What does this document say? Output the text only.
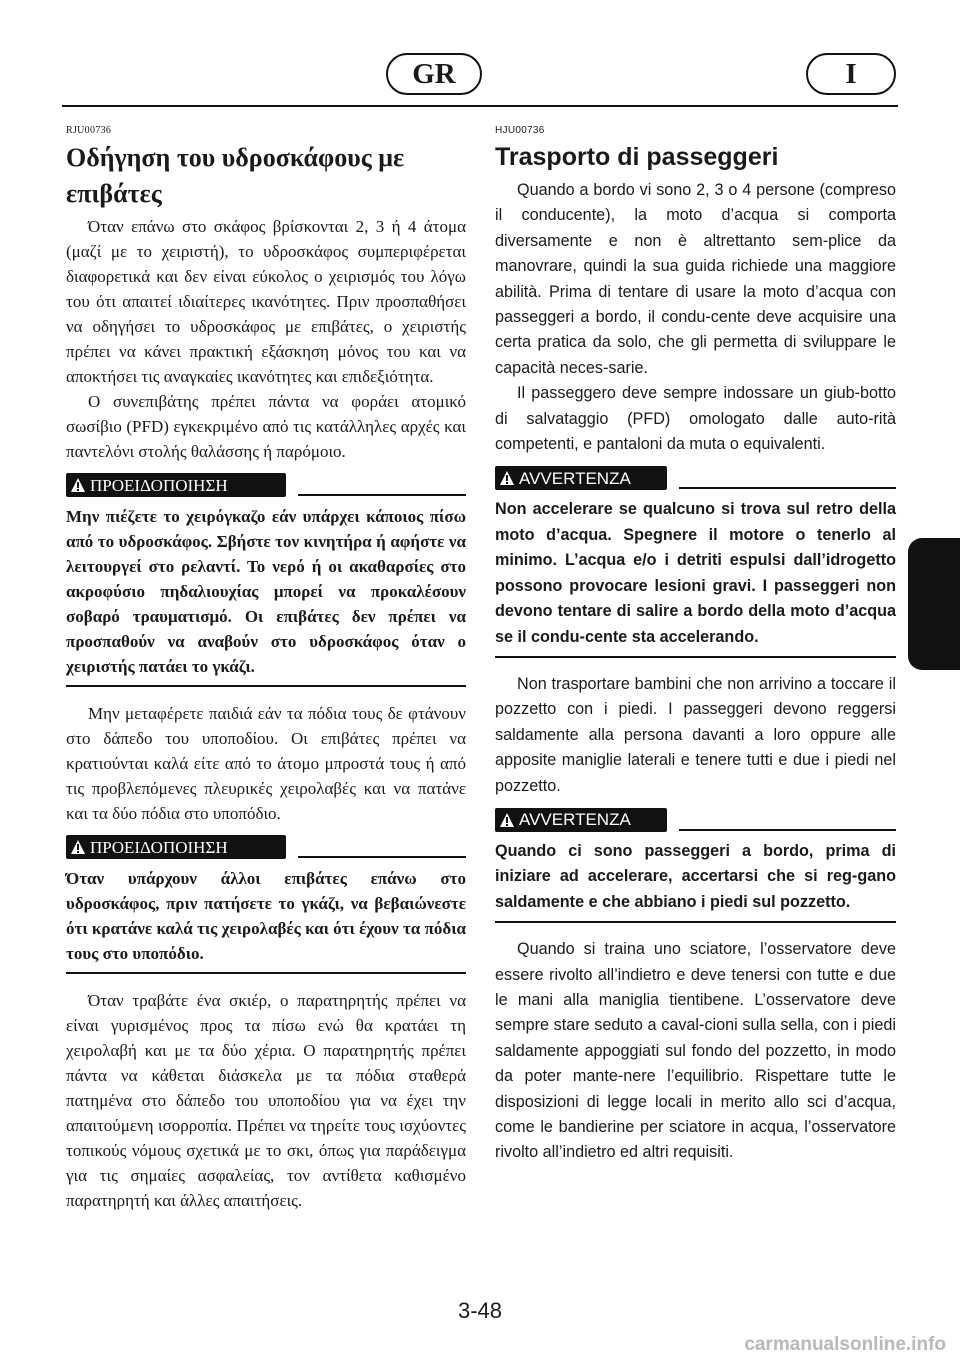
GR	I
RJU00736
Οδήγηση του υδροσκάφους με
επιβάτες

Όταν επάνω στο σκάφος βρίσκονται 2, 3 ή 4 άτομα (μαζί με το χειριστή), το υδροσκάφος συμπεριφέρεται διαφορετικά και δεν είναι εύκολος ο χειρισμός του λόγω του ότι απαιτεί ιδιαίτερες ικανότητες. Πριν προσπαθήσει να οδηγήσει το υδροσκάφος με επιβάτες, ο χειριστής πρέπει να κάνει πρακτική εξάσκηση μόνος του και να αποκτήσει τις αναγκαίες ικανότητες και επιδεξιότητα.

Ο συνεπιβάτης πρέπει πάντα να φοράει ατομικό σωσίβιο (PFD) εγκεκριμένο από τις κατάλληλες αρχές και παντελόνι στολής θαλάσσης ή παρόμοιο.

ΠΡΟΕΙΔΟΠΟΙΗΣΗ
Μην πιέζετε το χειρόγκαζο εάν υπάρχει κάποιος πίσω από το υδροσκάφος. Σβήστε τον κινητήρα ή αφήστε να λειτουργεί στο ρελαντί. Το νερό ή οι ακαθαρσίες στο ακροφύσιο πηδαλιουχίας μπορεί να προκαλέσουν σοβαρό τραυματισμό. Οι επιβάτες δεν πρέπει να προσπαθούν να αναβούν στο υδροσκάφος όταν ο χειριστής πατάει το γκάζι.

Μην μεταφέρετε παιδιά εάν τα πόδια τους δε φτάνουν στο δάπεδο του υποποδίου. Οι επιβάτες πρέπει να κρατιούνται καλά είτε από το άτομο μπροστά τους ή από τις προβλεπόμενες πλευρικές χειρολαβές και να πατάνε και τα δύο πόδια στο υποπόδιο.

ΠΡΟΕΙΔΟΠΟΙΗΣΗ
Όταν υπάρχουν άλλοι επιβάτες επάνω στο υδροσκάφος, πριν πατήσετε το γκάζι, να βεβαιώνεστε ότι κρατάνε καλά τις χειρολαβές και ότι έχουν τα πόδια τους στο υποπόδιο.

Όταν τραβάτε ένα σκιέρ, ο παρατηρητής πρέπει να είναι γυρισμένος προς τα πίσω ενώ θα κρατάει τη χειρολαβή και με τα δύο χέρια. Ο παρατηρητής πρέπει πάντα να κάθεται διάσκελα με τα πόδια σταθερά πατημένα στο δάπεδο του υποποδίου για να έχει την απαιτούμενη ισορροπία. Πρέπει να τηρείτε τους ισχύοντες τοπικούς νόμους σχετικά με το σκι, όπως για παράδειγμα για τις σημαίες ασφαλείας, τον αντίθετα καθισμένο παρατηρητή και άλλες απαιτήσεις.

HJU00736
Trasporto di passeggeri

Quando a bordo vi sono 2, 3 o 4 persone (compreso il conducente), la moto d’acqua si comporta diversamente e non è altrettanto sem-plice da manovrare, quindi la sua guida richiede una maggiore abilità. Prima di tentare di usare la moto d’acqua con passeggeri a bordo, il condu-cente deve acquisire una certa pratica da solo, che gli permetta di sviluppare le capacità neces-sarie.

Il passeggero deve sempre indossare un giub-botto di salvataggio (PFD) omologato dalle auto-rità competenti, e pantaloni da muta o equivalenti.

AVVERTENZA
Non accelerare se qualcuno si trova sul retro della moto d’acqua. Spegnere il motore o tenerlo al minimo. L’acqua e/o i detriti espulsi dall’idrogetto possono provocare lesioni gravi. I passeggeri non devono tentare di salire a bordo della moto d’acqua se il condu-cente sta accelerando.

Non trasportare bambini che non arrivino a toccare il pozzetto con i piedi. I passeggeri devono reggersi saldamente alla persona davanti a loro oppure alle apposite maniglie laterali e tenere tutti e due i piedi nel pozzetto.

AVVERTENZA
Quando ci sono passeggeri a bordo, prima di iniziare ad accelerare, accertarsi che si reg-gano saldamente e che abbiano i piedi sul pozzetto.

Quando si traina uno sciatore, l’osservatore deve essere rivolto all’indietro e deve tenersi con tutte e due le mani alla maniglia tientibene. L’osservatore deve sempre stare seduto a caval-cioni sulla sella, con i piedi saldamente appoggiati sul fondo del pozzetto, in modo da poter mante-nere l’equilibrio. Rispettare tutte le disposizioni di legge locali in merito allo sci d’acqua, come le bandierine per sciatore in acqua, l’osservatore rivolto all’indietro ed altri requisiti.

3-48
carmanualsonline.info
